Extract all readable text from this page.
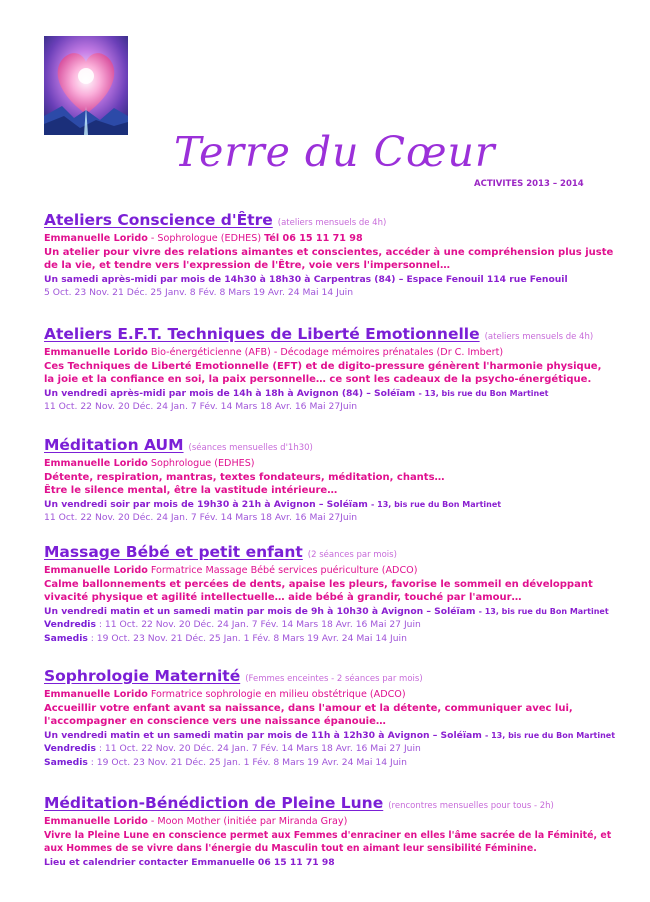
Terre du Cœur
ACTIVITES 2013 – 2014
Ateliers Conscience d'Être (ateliers mensuels de 4h)
Emmanuelle Lorido - Sophrologue (EDHES) Tél 06 15 11 71 98
Un atelier pour vivre des relations aimantes et conscientes, accéder à une compréhension plus juste
de la vie, et tendre vers l'expression de l'Être, voie vers l'impersonnel…
Un samedi après-midi par mois de 14h30 à 18h30 à Carpentras (84) – Espace Fenouil 114 rue Fenouil
5 Oct. 23 Nov. 21 Déc. 25 Janv. 8 Fév. 8 Mars 19 Avr. 24 Mai 14 Juin
Ateliers E.F.T. Techniques de Liberté Emotionnelle (ateliers mensuels de 4h)
Emmanuelle Lorido Bio-énergéticienne (AFB) - Décodage mémoires prénatales (Dr C. Imbert)
Ces Techniques de Liberté Emotionnelle (EFT) et de digito-pressure génèrent l'harmonie physique,
la joie et la confiance en soi, la paix personnelle… ce sont les cadeaux de la psycho-énergétique.
Un vendredi après-midi par mois de 14h à 18h à Avignon (84) – Soléïam - 13, bis rue du Bon Martinet
11 Oct. 22 Nov. 20 Déc. 24 Jan. 7 Fév. 14 Mars 18 Avr. 16 Mai 27Juin
Méditation AUM (séances mensuelles d'1h30)
Emmanuelle Lorido Sophrologue (EDHES)
Détente, respiration, mantras, textes fondateurs, méditation, chants…
Être le silence mental, être la vastitude intérieure…
Un vendredi soir par mois de 19h30 à 21h à Avignon – Soléïam - 13, bis rue du Bon Martinet
11 Oct. 22 Nov. 20 Déc. 24 Jan. 7 Fév. 14 Mars 18 Avr. 16 Mai 27Juin
Massage Bébé et petit enfant (2 séances par mois)
Emmanuelle Lorido Formatrice Massage Bébé services puériculture (ADCO)
Calme ballonnements et percées de dents, apaise les pleurs, favorise le sommeil en développant
vivacité physique et agilité intellectuelle… aide bébé à grandir, touché par l'amour…
Un vendredi matin et un samedi matin par mois de 9h à 10h30 à Avignon – Soléïam - 13, bis rue du Bon Martinet
Vendredis : 11 Oct. 22 Nov. 20 Déc. 24 Jan. 7 Fév. 14 Mars 18 Avr. 16 Mai 27 Juin
Samedis : 19 Oct. 23 Nov. 21 Déc. 25 Jan. 1 Fév. 8 Mars 19 Avr. 24 Mai 14 Juin
Sophrologie Maternité (Femmes enceintes - 2 séances par mois)
Emmanuelle Lorido Formatrice sophrologie en milieu obstétrique (ADCO)
Accueillir votre enfant avant sa naissance, dans l'amour et la détente, communiquer avec lui,
l'accompagner en conscience vers une naissance épanouie…
Un vendredi matin et un samedi matin par mois de 11h à 12h30 à Avignon – Soléïam - 13, bis rue du Bon Martinet
Vendredis : 11 Oct. 22 Nov. 20 Déc. 24 Jan. 7 Fév. 14 Mars 18 Avr. 16 Mai 27 Juin
Samedis : 19 Oct. 23 Nov. 21 Déc. 25 Jan. 1 Fév. 8 Mars 19 Avr. 24 Mai 14 Juin
Méditation-Bénédiction de Pleine Lune (rencontres mensuelles pour tous - 2h)
Emmanuelle Lorido - Moon Mother (initiée par Miranda Gray)
Vivre la Pleine Lune en conscience permet aux Femmes d'enraciner en elles l'âme sacrée de la Féminité, et
aux Hommes de se vivre dans l'énergie du Masculin tout en aimant leur sensibilité Féminine.
Lieu et calendrier contacter Emmanuelle 06 15 11 71 98
